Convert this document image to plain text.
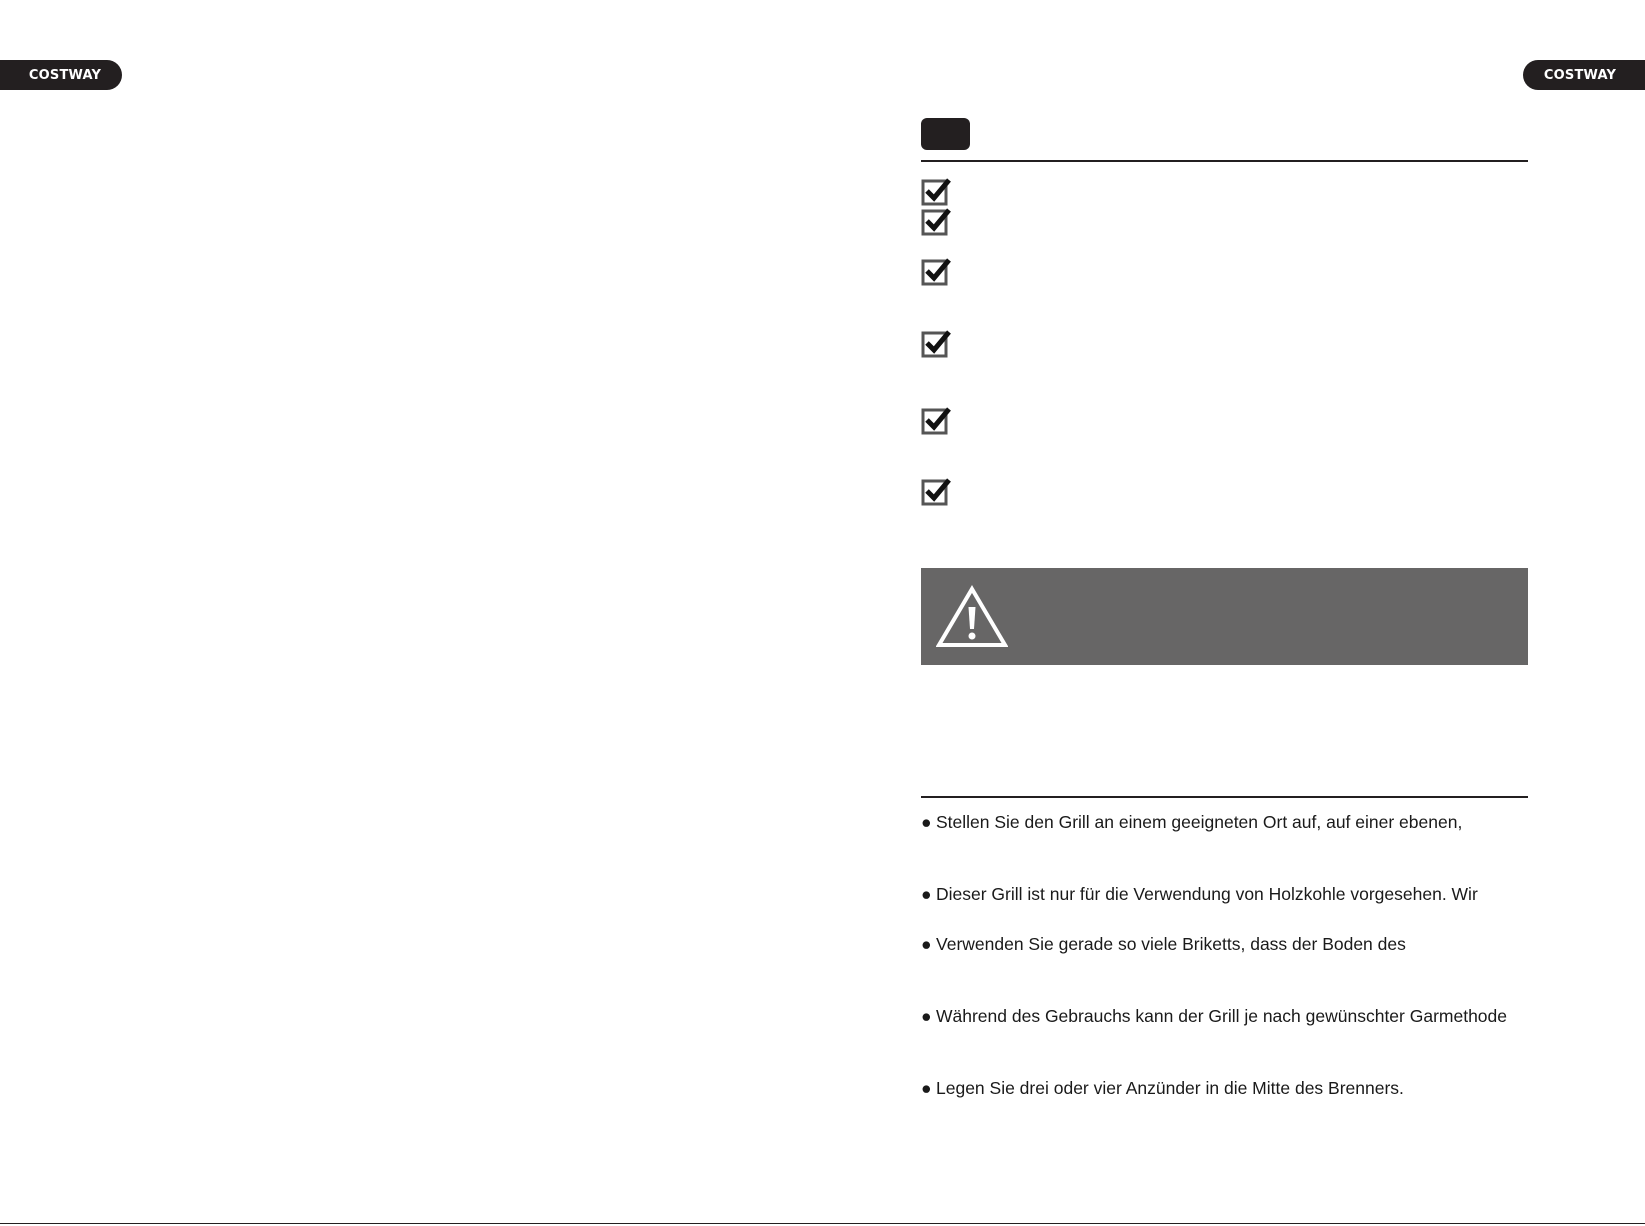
COSTWAY	COSTWAY
● Stellen Sie den Grill an einem geeigneten Ort auf, auf einer ebenen,
● Dieser Grill ist nur für die Verwendung von Holzkohle vorgesehen. Wir
● Verwenden Sie gerade so viele Briketts, dass der Boden des
● Während des Gebrauchs kann der Grill je nach gewünschter Garmethode
● Legen Sie drei oder vier Anzünder in die Mitte des Brenners.
